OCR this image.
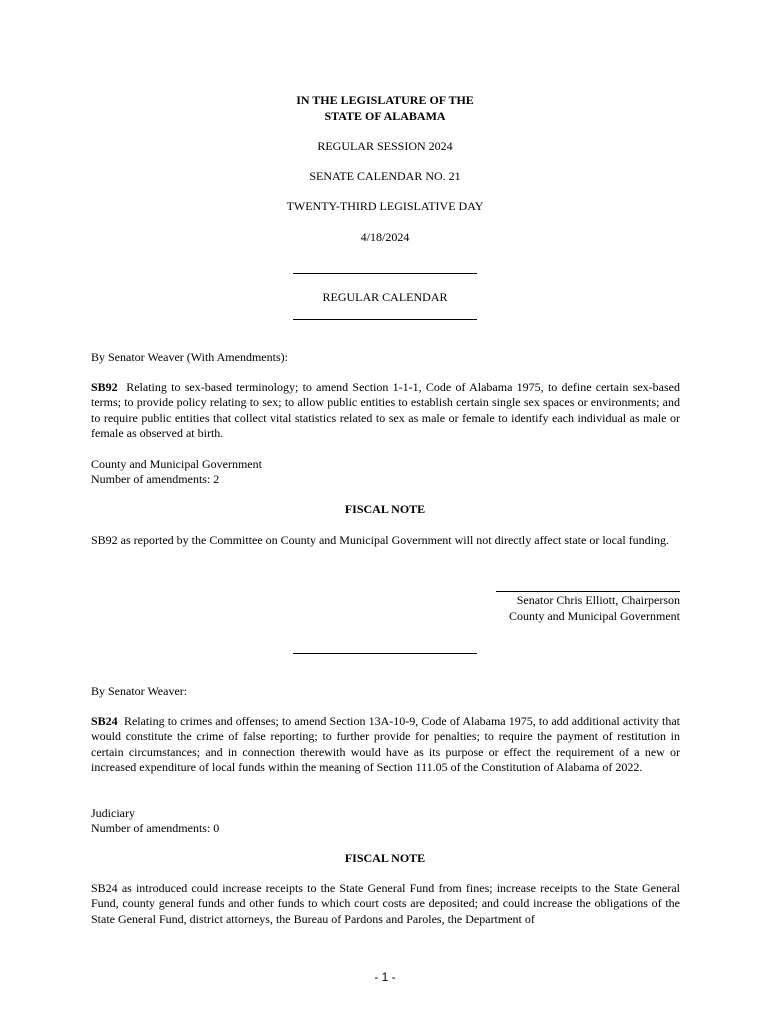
IN THE LEGISLATURE OF THE
STATE OF ALABAMA
REGULAR SESSION 2024
SENATE CALENDAR NO. 21
TWENTY-THIRD LEGISLATIVE DAY
4/18/2024
REGULAR CALENDAR
By Senator Weaver (With Amendments):
SB92 Relating to sex-based terminology; to amend Section 1-1-1, Code of Alabama 1975, to define certain sex-based terms; to provide policy relating to sex; to allow public entities to establish certain single sex spaces or environments; and to require public entities that collect vital statistics related to sex as male or female to identify each individual as male or female as observed at birth.
County and Municipal Government
Number of amendments: 2
FISCAL NOTE
SB92 as reported by the Committee on County and Municipal Government will not directly affect state or local funding.
Senator Chris Elliott, Chairperson
County and Municipal Government
By Senator Weaver:
SB24 Relating to crimes and offenses; to amend Section 13A-10-9, Code of Alabama 1975, to add additional activity that would constitute the crime of false reporting; to further provide for penalties; to require the payment of restitution in certain circumstances; and in connection therewith would have as its purpose or effect the requirement of a new or increased expenditure of local funds within the meaning of Section 111.05 of the Constitution of Alabama of 2022.
Judiciary
Number of amendments: 0
FISCAL NOTE
SB24 as introduced could increase receipts to the State General Fund from fines; increase receipts to the State General Fund, county general funds and other funds to which court costs are deposited; and could increase the obligations of the State General Fund, district attorneys, the Bureau of Pardons and Paroles, the Department of
- 1 -
